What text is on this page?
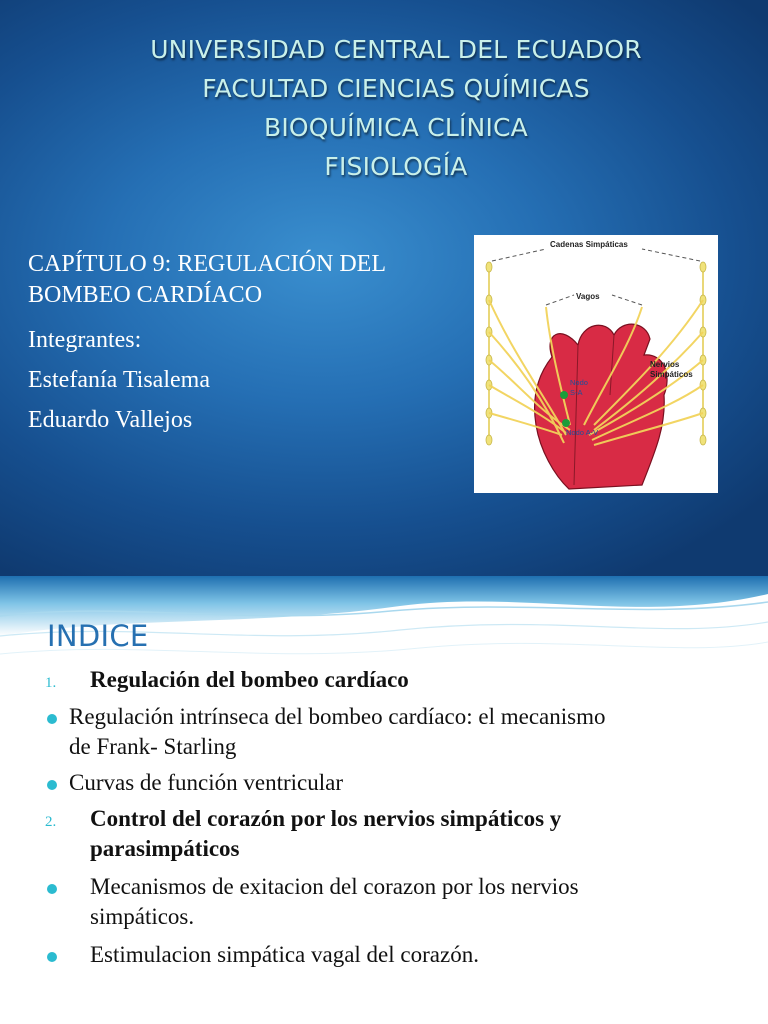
UNIVERSIDAD CENTRAL DEL ECUADOR
FACULTAD CIENCIAS QUÍMICAS
BIOQUÍMICA CLÍNICA
FISIOLOGÍA
CAPÍTULO 9: REGULACIÓN DEL
BOMBEO CARDÍACO
Integrantes:
Estefanía Tisalema
Eduardo Vallejos
Cadenas Simpáticas
Vagos
Nervios
Simpáticos
Nodo
S-A
Nodo A-V
INDICE
1. Regulación del bombeo cardíaco
Regulación intrínseca del bombeo cardíaco: el mecanismo
de Frank- Starling
Curvas de función ventricular
2. Control del corazón por los nervios simpáticos y
parasimpáticos
Mecanismos de exitacion del corazon por los nervios
simpáticos.
Estimulacion simpática vagal del corazón.
